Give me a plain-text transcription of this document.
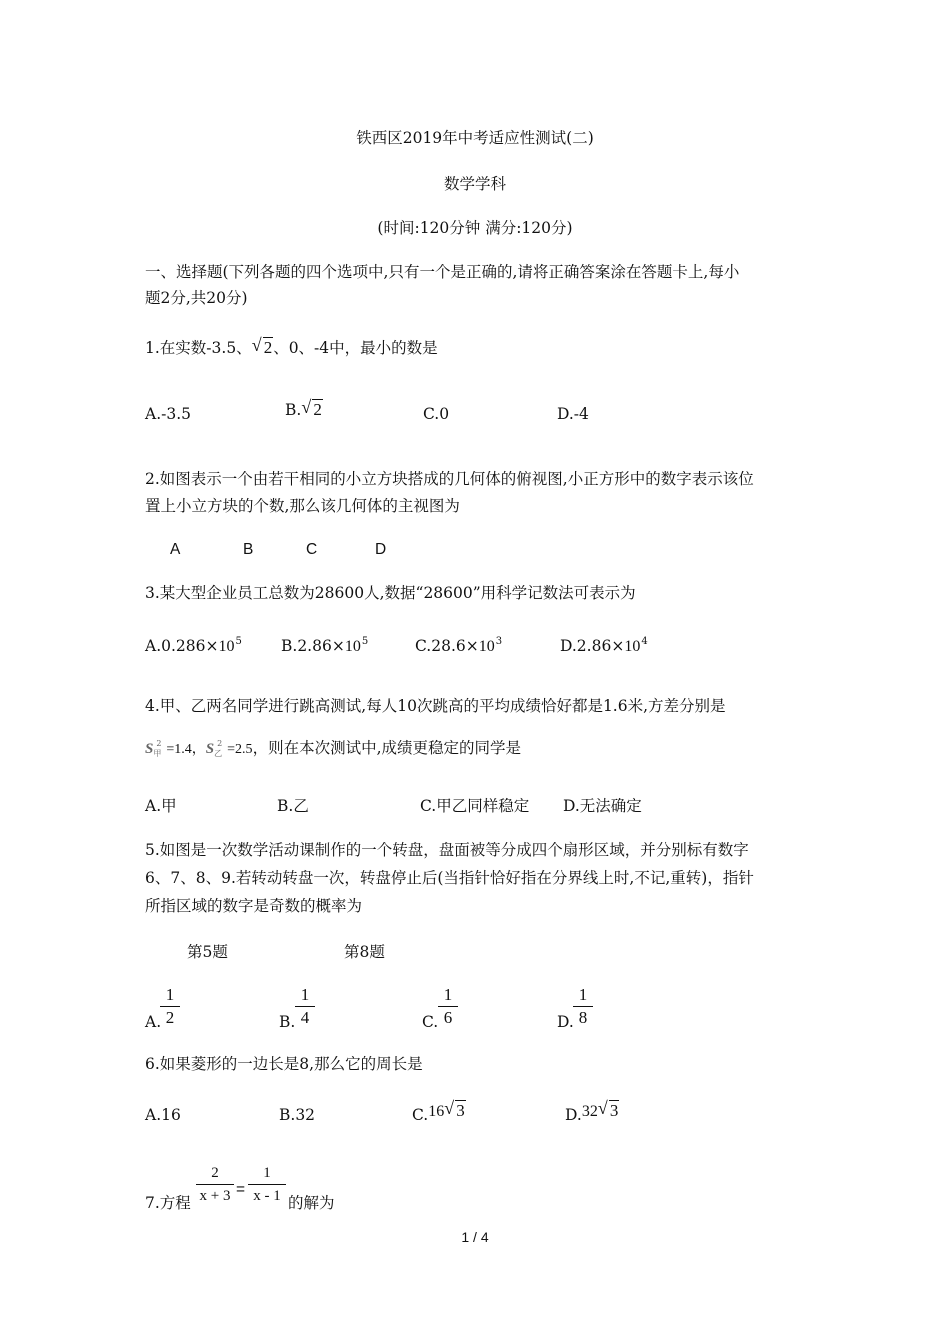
铁西区2019年中考适应性测试(二)
数学学科
(时间:120分钟 满分:120分)
一、选择题(下列各题的四个选项中,只有一个是正确的,请将正确答案涂在答题卡上,每小
题2分,共20分)
1.在实数-3.5、 √ 2、0、-4中，最小的数是
A.-3.5	B. √ 2	C.0	D.-4
2.如图表示一个由若干相同的小立方块搭成的几何体的俯视图,小正方形中的数字表示该位
置上小立方块的个数,那么该几何体的主视图为
A	B	C	D
3.某大型企业员工总数为28600人,数据“28600”用科学记数法可表示为
$A.0.286\times 10^5$	$B.2.86\times 10^5$	$C.28.6\times 10^3$	$D.2.86\times 10^4$
4.甲、乙两名同学进行跳高测试,每人10次跳高的平均成绩恰好都是1.6米,方差分别是
S甲$^2$ =1.4，S乙$^2$ =2.5，则在本次测试中,成绩更稳定的同学是
A.甲	B.乙	C.甲乙同样稳定 D.无法确定
5.如图是一次数学活动课制作的一个转盘，盘面被等分成四个扇形区域，并分别标有数字
6、7、8、9.若转动转盘一次，转盘停止后(当指针恰好指在分界线上时,不记,重转)，指针
所指区域的数字是奇数的概率为
第5题	第8题
A.
1
2	B.
1
4	C.
1
6	D.
1
8
6.如果菱形的一边长是8,那么它的周长是
A.16	B.32	C.16 √ 3	D.32 √ 3
7.方程
2
x + 3 =
1
x - 1 的解为
1 / 4
